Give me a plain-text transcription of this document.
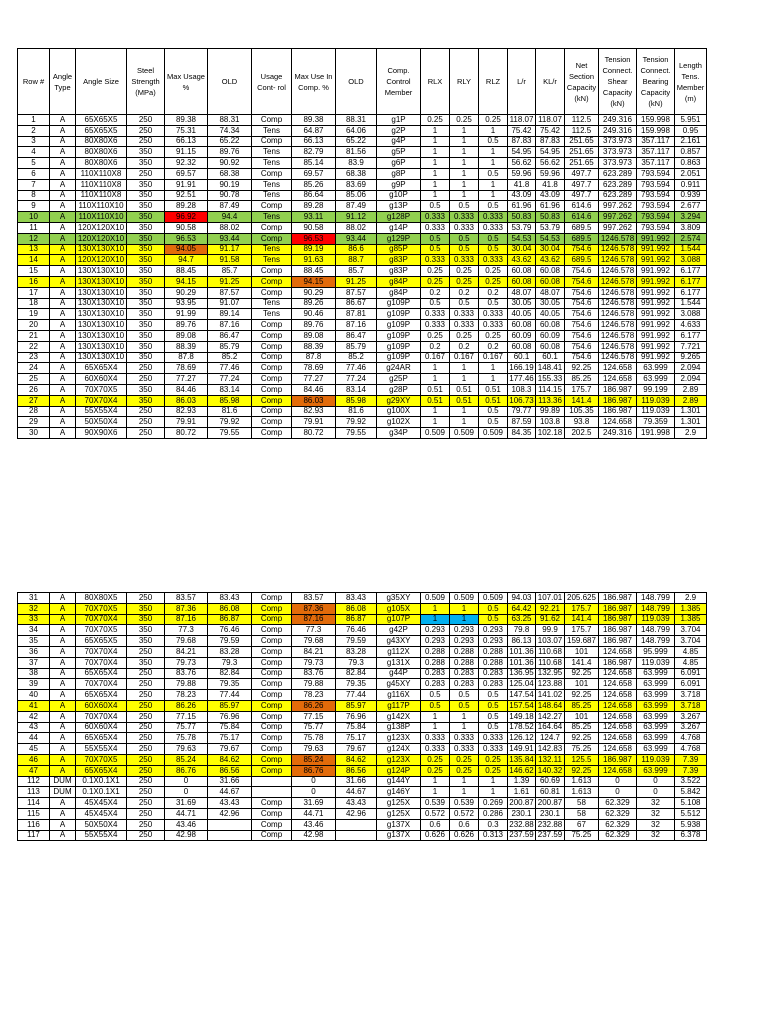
Row #	Angle Type	Angle Size	Steel Strength (MPa)	Max Usage %	OLD	Usage Cont- rol	Max Use In Comp. %	OLD	Comp. Control Member	RLX	RLY	RLZ	L/r	KL/r	Net Section Capacity (kN)	Tension Connect. Shear Capacity (kN)	Tension Connect. Bearing Capacity (kN)	Length Tens. Member (m)
1	A	65X65X5	250	89.38	88.31	Comp	89.38	88.31	g1P	0.25	0.25	0.25	118.07	118.07	112.5	249.316	159.998	5.951
2	A	65X65X5	250	75.31	74.34	Tens	64.87	64.06	g2P	1	1	1	75.42	75.42	112.5	249.316	159.998	0.95
3	A	80X80X6	250	66.13	65.22	Comp	66.13	65.22	g4P	1	1	0.5	87.83	87.83	251.65	373.973	357.117	2.161
4	A	80X80X6	350	91.15	89.76	Tens	82.79	81.56	g5P	1	1	1	54.95	54.95	251.65	373.973	357.117	0.857
5	A	80X80X6	350	92.32	90.92	Tens	85.14	83.9	g6P	1	1	1	56.62	56.62	251.65	373.973	357.117	0.863
6	A	110X110X8	250	69.57	68.38	Comp	69.57	68.38	g8P	1	1	0.5	59.96	59.96	497.7	623.289	793.594	2.051
7	A	110X110X8	350	91.91	90.19	Tens	85.26	83.69	g9P	1	1	1	41.8	41.8	497.7	623.289	793.594	0.911
8	A	110X110X8	350	92.51	90.78	Tens	86.64	85.06	g10P	1	1	1	43.09	43.09	497.7	623.289	793.594	0.939
9	A	110X110X10	350	89.28	87.49	Comp	89.28	87.49	g13P	0.5	0.5	0.5	61.96	61.96	614.6	997.262	793.594	2.677
10	A	110X110X10	350	96.92	94.4	Tens	93.11	91.12	g128P	0.333	0.333	0.333	50.83	50.83	614.6	997.262	793.594	3.294
11	A	120X120X10	350	90.58	88.02	Comp	90.58	88.02	g14P	0.333	0.333	0.333	53.79	53.79	689.5	997.262	793.594	3.809
12	A	120X120X10	350	96.53	93.44	Comp	96.53	93.44	g129P	0.5	0.5	0.5	54.53	54.53	689.5	1246.578	991.992	2.574
13	A	130X130X10	350	94.05	91.17	Tens	89.19	86.6	g85P	0.5	0.5	0.5	30.04	30.04	754.6	1246.578	991.992	1.544
14	A	120X120X10	350	94.7	91.58	Tens	91.63	88.7	g83P	0.333	0.333	0.333	43.62	43.62	689.5	1246.578	991.992	3.088
15	A	130X130X10	350	88.45	85.7	Comp	88.45	85.7	g83P	0.25	0.25	0.25	60.08	60.08	754.6	1246.578	991.992	6.177
16	A	130X130X10	350	94.15	91.25	Comp	94.15	91.25	g84P	0.25	0.25	0.25	60.08	60.08	754.6	1246.578	991.992	6.177
17	A	130X130X10	350	90.29	87.57	Comp	90.29	87.57	g84P	0.2	0.2	0.2	48.07	48.07	754.6	1246.578	991.992	6.177
18	A	130X130X10	350	93.95	91.07	Tens	89.26	86.67	g109P	0.5	0.5	0.5	30.05	30.05	754.6	1246.578	991.992	1.544
19	A	130X130X10	350	91.99	89.14	Tens	90.46	87.81	g109P	0.333	0.333	0.333	40.05	40.05	754.6	1246.578	991.992	3.088
20	A	130X130X10	350	89.76	87.16	Comp	89.76	87.16	g109P	0.333	0.333	0.333	60.08	60.08	754.6	1246.578	991.992	4.633
21	A	130X130X10	350	89.08	86.47	Comp	89.08	86.47	g109P	0.25	0.25	0.25	60.09	60.09	754.6	1246.578	991.992	6.177
22	A	130X130X10	350	88.39	85.79	Comp	88.39	85.79	g109P	0.2	0.2	0.2	60.08	60.08	754.6	1246.578	991.992	7.721
23	A	130X130X10	350	87.8	85.2	Comp	87.8	85.2	g109P	0.167	0.167	0.167	60.1	60.1	754.6	1246.578	991.992	9.265
24	A	65X65X4	250	78.69	77.46	Comp	78.69	77.46	g24AR	1	1	1	166.19	148.41	92.25	124.658	63.999	2.094
25	A	60X60X4	250	77.27	77.24	Comp	77.27	77.24	g25P	1	1	1	177.46	155.33	85.25	124.658	63.999	2.094
26	A	70X70X5	350	84.46	83.14	Comp	84.46	83.14	g28P	0.51	0.51	0.51	108.3	114.15	175.7	186.987	99.199	2.89
27	A	70X70X4	350	86.03	85.98	Comp	86.03	85.98	g29XY	0.51	0.51	0.51	106.73	113.36	141.4	186.987	119.039	2.89
28	A	55X55X4	250	82.93	81.6	Comp	82.93	81.6	g100X	1	1	0.5	79.77	99.89	105.35	186.987	119.039	1.301
29	A	50X50X4	250	79.91	79.92	Comp	79.91	79.92	g102X	1	1	0.5	87.59	103.8	93.8	124.658	79.359	1.301
30	A	90X90X6	250	80.72	79.55	Comp	80.72	79.55	g34P	0.509	0.509	0.509	84.35	102.18	202.5	249.316	191.998	2.9
31	A	80X80X5	250	83.57	83.43	Comp	83.57	83.43	g35XY	0.509	0.509	0.509	94.03	107.01	205.625	186.987	148.799	2.9
32	A	70X70X5	350	87.36	86.08	Comp	87.36	86.08	g105X	1	1	0.5	64.42	92.21	175.7	186.987	148.799	1.385
33	A	70X70X4	350	87.16	86.87	Comp	87.16	86.87	g107P	1	1	0.5	63.25	91.62	141.4	186.987	119.039	1.385
34	A	70X70X5	350	77.3	76.46	Comp	77.3	76.46	g42P	0.293	0.293	0.293	79.8	99.9	175.7	186.987	148.799	3.704
35	A	65X65X5	350	79.68	79.59	Comp	79.68	79.59	g43XY	0.293	0.293	0.293	86.13	103.07	159.687	186.987	148.799	3.704
36	A	70X70X4	250	84.21	83.28	Comp	84.21	83.28	g112X	0.288	0.288	0.288	101.36	110.68	101	124.658	95.999	4.85
37	A	70X70X4	350	79.73	79.3	Comp	79.73	79.3	g131X	0.288	0.288	0.288	101.36	110.68	141.4	186.987	119.039	4.85
38	A	65X65X4	250	83.76	82.84	Comp	83.76	82.84	g44P	0.283	0.283	0.283	136.95	132.95	92.25	124.658	63.999	6.091
39	A	70X70X4	250	79.88	79.35	Comp	79.88	79.35	g45XY	0.283	0.283	0.283	125.04	123.88	101	124.658	63.999	6.091
40	A	65X65X4	250	78.23	77.44	Comp	78.23	77.44	g116X	0.5	0.5	0.5	147.54	141.02	92.25	124.658	63.999	3.718
41	A	60X60X4	250	86.26	85.97	Comp	86.26	85.97	g117P	0.5	0.5	0.5	157.54	148.64	85.25	124.658	63.999	3.718
42	A	70X70X4	250	77.15	76.96	Comp	77.15	76.96	g142X	1	1	0.5	149.18	142.27	101	124.658	63.999	3.267
43	A	60X60X4	250	75.77	75.84	Comp	75.77	75.84	g138P	1	1	0.5	178.52	164.64	85.25	124.658	63.999	3.267
44	A	65X65X4	250	75.78	75.17	Comp	75.78	75.17	g123X	0.333	0.333	0.333	126.12	124.7	92.25	124.658	63.999	4.768
45	A	55X55X4	250	79.63	79.67	Comp	79.63	79.67	g124X	0.333	0.333	0.333	149.91	142.83	75.25	124.658	63.999	4.768
46	A	70X70X5	250	85.24	84.62	Comp	85.24	84.62	g123X	0.25	0.25	0.25	135.84	132.11	125.5	186.987	119.039	7.39
47	A	65X65X4	250	86.76	86.56	Comp	86.76	86.56	g124P	0.25	0.25	0.25	146.62	140.32	92.25	124.658	63.999	7.39
112	DUM	0.1X0.1X1	250	0	31.66		0	31.66	g144Y	1	1	1	1.39	60.69	1.613	0	0	3.522
113	DUM	0.1X0.1X1	250	0	44.67		0	44.67	g146Y	1	1	1	1.61	60.81	1.613	0	0	5.842
114	A	45X45X4	250	31.69	43.43	Comp	31.69	43.43	g125X	0.539	0.539	0.269	200.87	200.87	58	62.329	32	5.108
115	A	45X45X4	250	44.71	42.96	Comp	44.71	42.96	g125X	0.572	0.572	0.286	230.1	230.1	58	62.329	32	5.512
116	A	50X50X4	250	43.46		Comp	43.46		g137X	0.6	0.6	0.3	232.88	232.88	67	62.329	32	5.938
117	A	55X55X4	250	42.98		Comp	42.98		g137X	0.626	0.626	0.313	237.59	237.59	75.25	62.329	32	6.378
